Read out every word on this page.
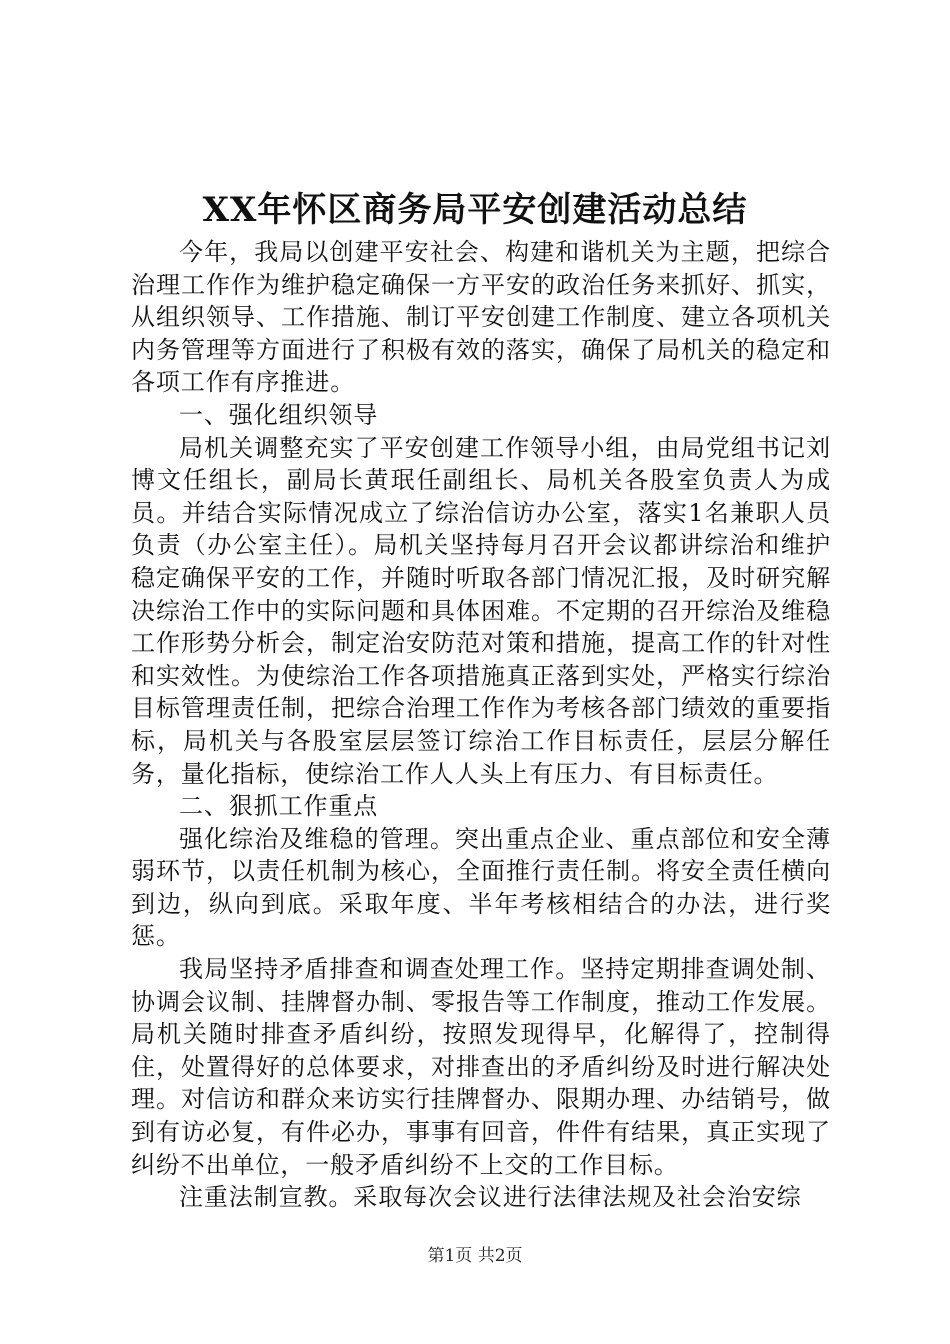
XX年怀区商务局平安创建活动总结

今年，我局以创建平安社会、构建和谐机关为主题，把综合治理工作作为维护稳定确保一方平安的政治任务来抓好、抓实，从组织领导、工作措施、制订平安创建工作制度、建立各项机关内务管理等方面进行了积极有效的落实，确保了局机关的稳定和各项工作有序推进。

一、强化组织领导

局机关调整充实了平安创建工作领导小组，由局党组书记刘博文任组长，副局长黄珉任副组长、局机关各股室负责人为成员。并结合实际情况成立了综治信访办公室，落实1名兼职人员负责（办公室主任）。局机关坚持每月召开会议都讲综治和维护稳定确保平安的工作，并随时听取各部门情况汇报，及时研究解决综治工作中的实际问题和具体困难。不定期的召开综治及维稳工作形势分析会，制定治安防范对策和措施，提高工作的针对性和实效性。为使综治工作各项措施真正落到实处，严格实行综治目标管理责任制，把综合治理工作作为考核各部门绩效的重要指标，局机关与各股室层层签订综治工作目标责任，层层分解任务，量化指标，使综治工作人人头上有压力、有目标责任。

二、狠抓工作重点

强化综治及维稳的管理。突出重点企业、重点部位和安全薄弱环节，以责任机制为核心，全面推行责任制。将安全责任横向到边，纵向到底。采取年度、半年考核相结合的办法，进行奖惩。

我局坚持矛盾排查和调查处理工作。坚持定期排查调处制、协调会议制、挂牌督办制、零报告等工作制度，推动工作发展。局机关随时排查矛盾纠纷，按照发现得早，化解得了，控制得住，处置得好的总体要求，对排查出的矛盾纠纷及时进行解决处理。对信访和群众来访实行挂牌督办、限期办理、办结销号，做到有访必复，有件必办，事事有回音，件件有结果，真正实现了纠纷不出单位，一般矛盾纠纷不上交的工作目标。

注重法制宣教。采取每次会议进行法律法规及社会治安综

第1页 共2页
